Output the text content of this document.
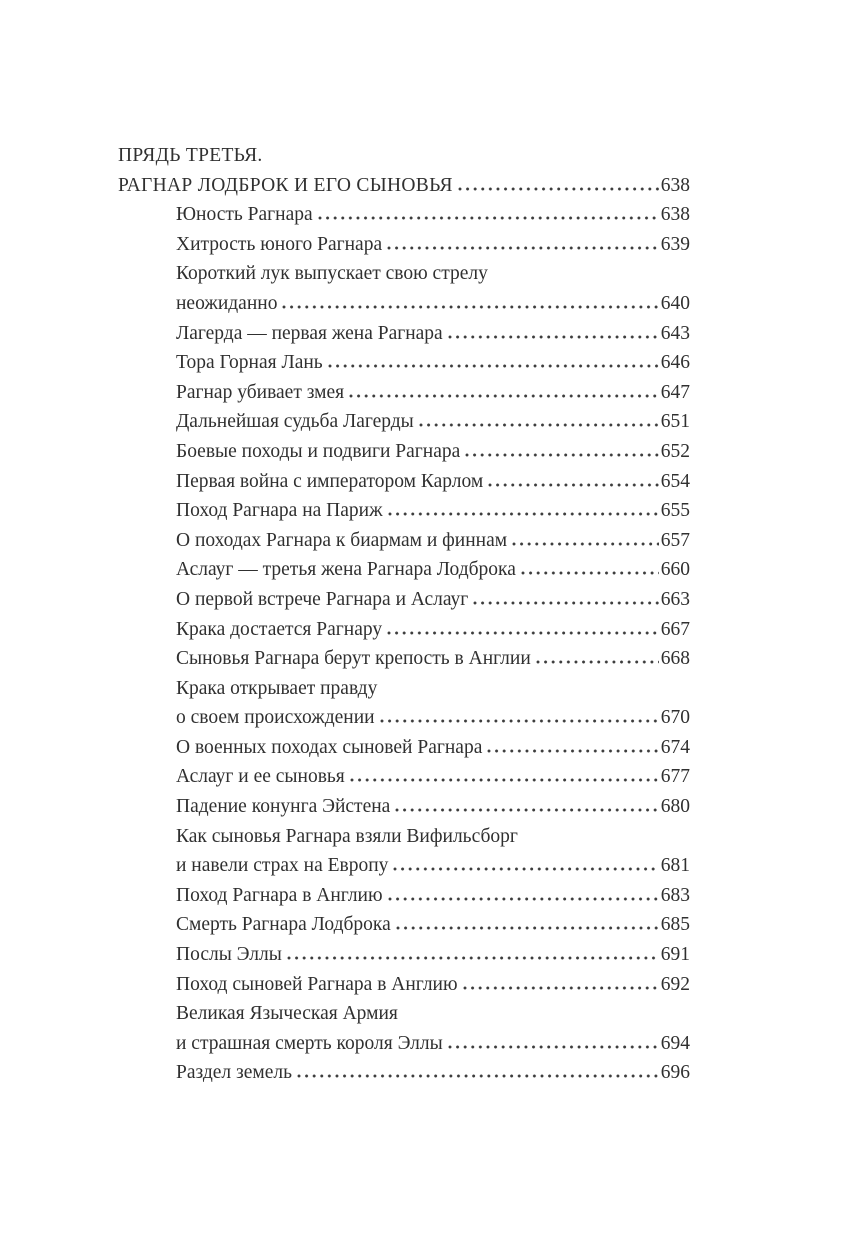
ПРЯДЬ ТРЕТЬЯ.
РАГНАР ЛОДБРОК И ЕГО СЫНОВЬЯ	638
Юность Рагнара	638
Хитрость юного Рагнара	639
Короткий лук выпускает свою стрелу
неожиданно	640
Лагерда — первая жена Рагнара	643
Тора Горная Лань	646
Рагнар убивает змея	647
Дальнейшая судьба Лагерды	651
Боевые походы и подвиги Рагнара	652
Первая война с императором Карлом	654
Поход Рагнара на Париж	655
О походах Рагнара к биармам и финнам	657
Аслауг — третья жена Рагнара Лодброка	660
О первой встрече Рагнара и Аслауг	663
Крака достается Рагнару	667
Сыновья Рагнара берут крепость в Англии	668
Крака открывает правду
о своем происхождении	670
О военных походах сыновей Рагнара	674
Аслауг и ее сыновья	677
Падение конунга Эйстена	680
Как сыновья Рагнара взяли Вифильсборг
и навели страх на Европу	681
Поход Рагнара в Англию	683
Смерть Рагнара Лодброка	685
Послы Эллы	691
Поход сыновей Рагнара в Англию	692
Великая Языческая Армия
и страшная смерть короля Эллы	694
Раздел земель	696
